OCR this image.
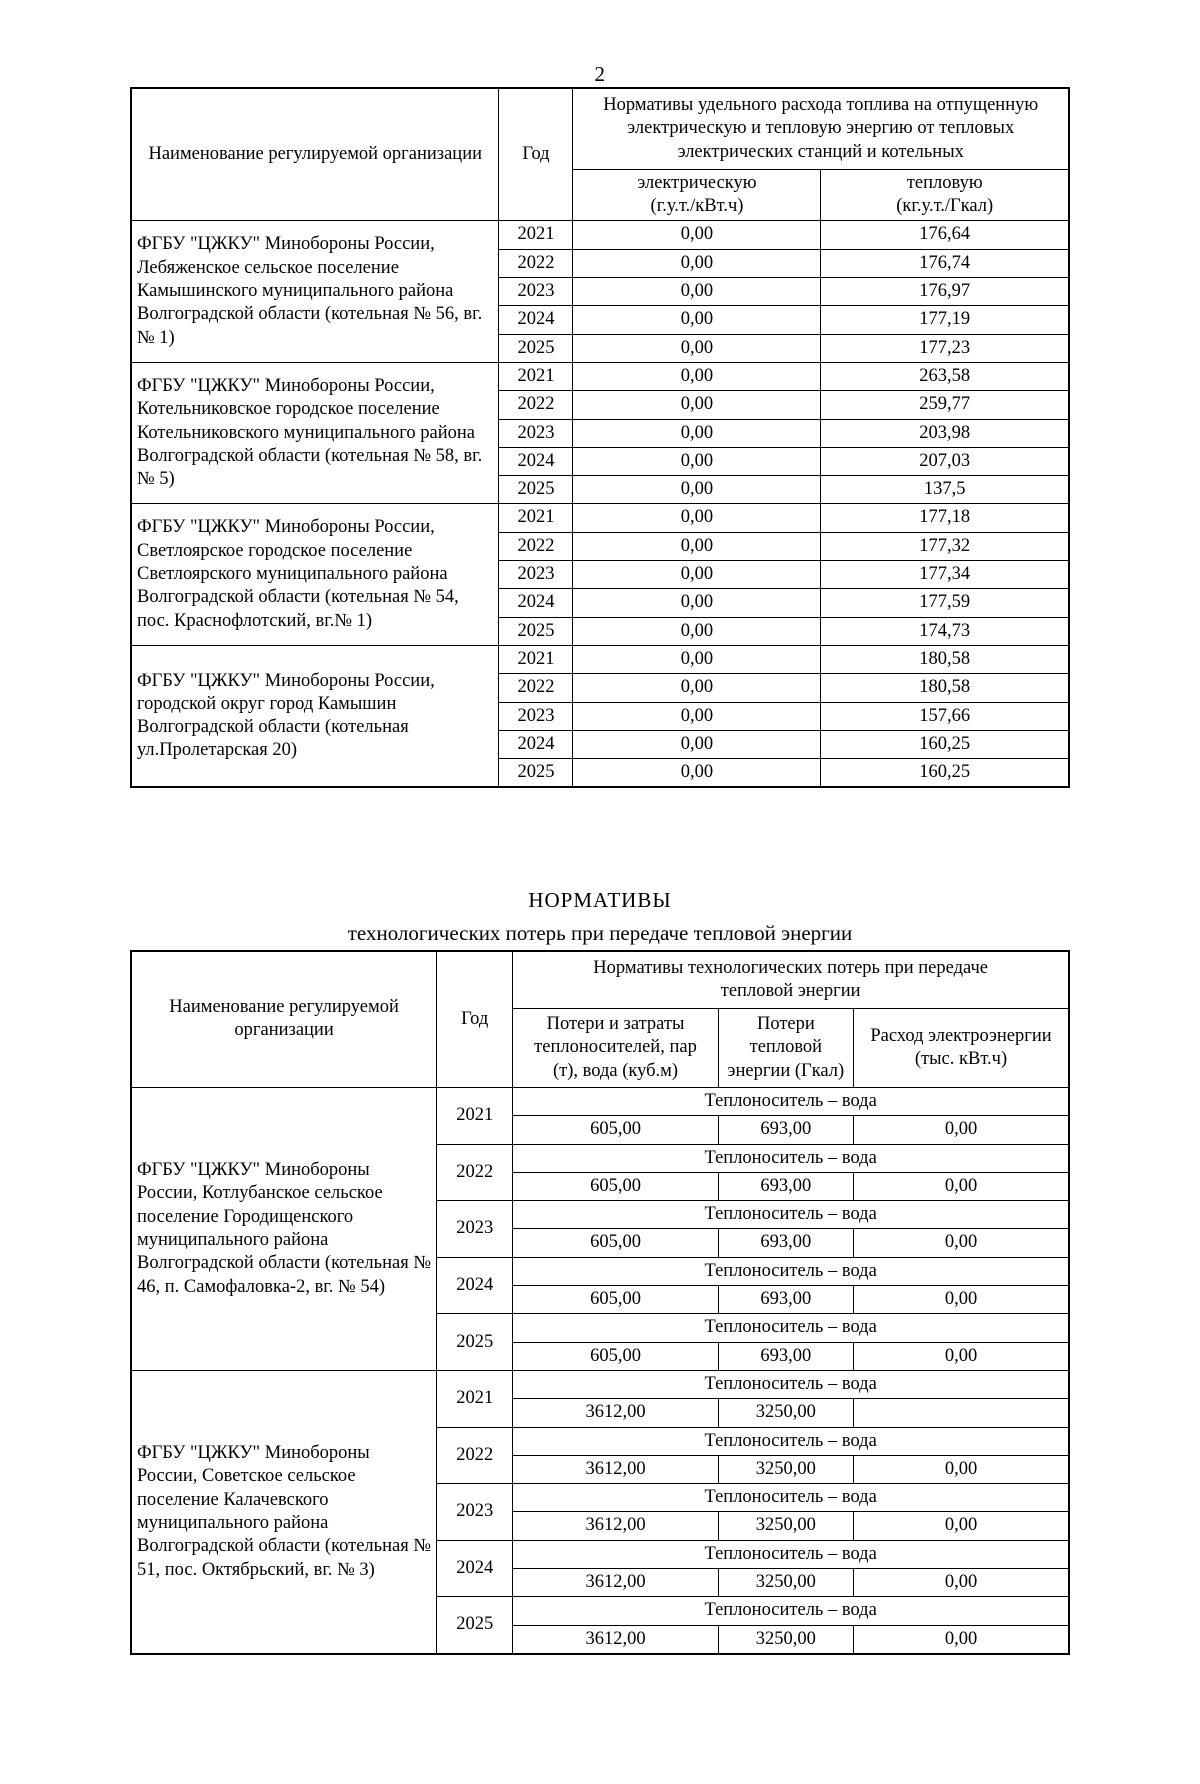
2
Наименование регулируемой организации	Год	Нормативы удельного расхода топлива на отпущенную электрическую и тепловую энергию от тепловых электрических станций и котельных	

электрическую
(г.у.т./кВт.ч)

тепловую
(кг.у.т./Гкал)

ФГБУ "ЦЖКУ" Минобороны России, Лебяженское сельское поселение Камышинского муниципального района Волгоградской области (котельная № 56, вг.№ 1)	2021	0,00	176,64
	2022	0,00	176,74
	2023	0,00	176,97
	2024	0,00	177,19
	2025	0,00	177,23
ФГБУ "ЦЖКУ" Минобороны России, Котельниковское городское поселение Котельниковского муниципального района Волгоградской области (котельная № 58, вг.№ 5)	2021	0,00	263,58
	2022	0,00	259,77
	2023	0,00	203,98
	2024	0,00	207,03
	2025	0,00	137,5
ФГБУ "ЦЖКУ" Минобороны России, Светлоярское городское поселение Светлоярского муниципального района Волгоградской области (котельная № 54, пос. Краснофлотский, вг.№ 1)	2021	0,00	177,18
	2022	0,00	177,32
	2023	0,00	177,34
	2024	0,00	177,59
	2025	0,00	174,73
ФГБУ "ЦЖКУ" Минобороны России, городской округ город Камышин Волгоградской области (котельная ул.Пролетарская 20)	2021	0,00	180,58
	2022	0,00	180,58
	2023	0,00	157,66
	2024	0,00	160,25
	2025	0,00	160,25
НОРМАТИВЫ
технологических потерь при передаче тепловой энергии
Наименование регулируемой организации	Год	Нормативы технологических потерь при передаче тепловой энергии		
		Потери и затраты теплоносителей, пар (т), вода (куб.м)	Потери тепловой энергии (Гкал)	Расход электроэнергии (тыс. кВт.ч)
ФГБУ "ЦЖКУ" Минобороны России, Котлубанское сельское поселение Городищенского муниципального района Волгоградской области (котельная № 46, п. Самофаловка-2, вг. № 54)	2021	Теплоноситель – вода		
		605,00	693,00	0,00
	2022	Теплоноситель – вода		
		605,00	693,00	0,00
	2023	Теплоноситель – вода		
		605,00	693,00	0,00
	2024	Теплоноситель – вода		
		605,00	693,00	0,00
	2025	Теплоноситель – вода		
		605,00	693,00	0,00
ФГБУ "ЦЖКУ" Минобороны России, Советское сельское поселение Калачевского муниципального района Волгоградской области (котельная № 51, пос. Октябрьский, вг. № 3)	2021	Теплоноситель – вода		
		3612,00	3250,00	
	2022	Теплоноситель – вода		
		3612,00	3250,00	0,00
	2023	Теплоноситель – вода		
		3612,00	3250,00	0,00
	2024	Теплоноситель – вода		
		3612,00	3250,00	0,00
	2025	Теплоноситель – вода		
		3612,00	3250,00	0,00
